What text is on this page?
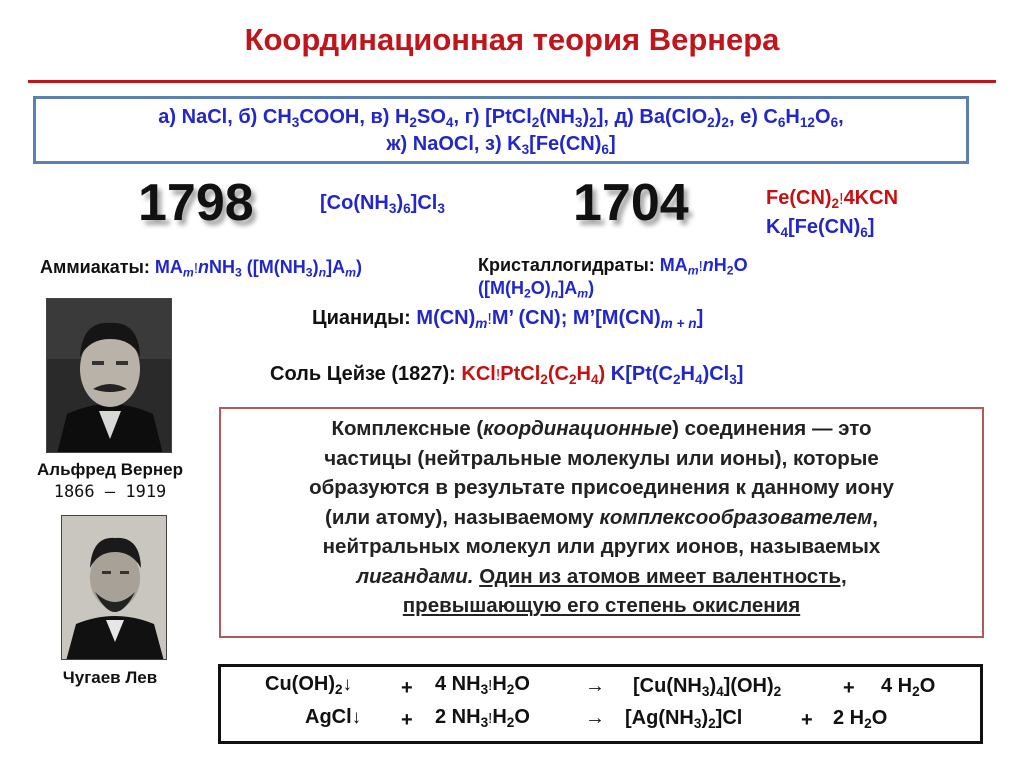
Координационная теория Вернера
а) NaCl, б) $CH_3COOH$, в) $H_2SO_4$, г) $[PtCl_2(NH_3)_2]$, д) $Ba(ClO_2)_2$, е) $C_6H_{12}O_6$,
ж) NaOCl, з) $K_3[Fe(CN)_6]$
1798	$[Co(NH_3)_6]Cl_3$ 1704	$Fe(CN)_2!4KCN$
$K_4[Fe(CN)_6]$
Аммиакаты: $MA_m!nNH_3$ $([M(NH_3)_n]A_m)$	Кристаллогидраты: $MA_m!nH_2O$
$([M(H_2O)_n]A_m)$
Цианиды: $M(CN)_m!M$’ (CN); $M’[M(CN)_{m + n}]$
Соль Цейзе (1827): $KCl!PtCl_2(C_2H_4)$ $K[Pt(C_2H_4)Cl_3]$
Альфред Вернер
1866 — 1919
Чугаев Лев
Комплексные (координационные) соединения — это
частицы (нейтральные молекулы или ионы), которые
образуются в результате присоединения к данному иону
(или атому), называемому комплексообразователем,
нейтральных молекул или других ионов, называемых
лигандами. Один из атомов имеет валентность,
превышающую его степень окисления
$Cu(OH)_2↓ + 4$ $NH_3!H_2O$	→ $[Cu(NH_3)_4](OH)_2$	+ 4 $H_2O$
AgCl↓ + 2 $NH_3!H_2O$	→ $[Ag(NH_3)_2]Cl$	+ 2 $H_2O$
